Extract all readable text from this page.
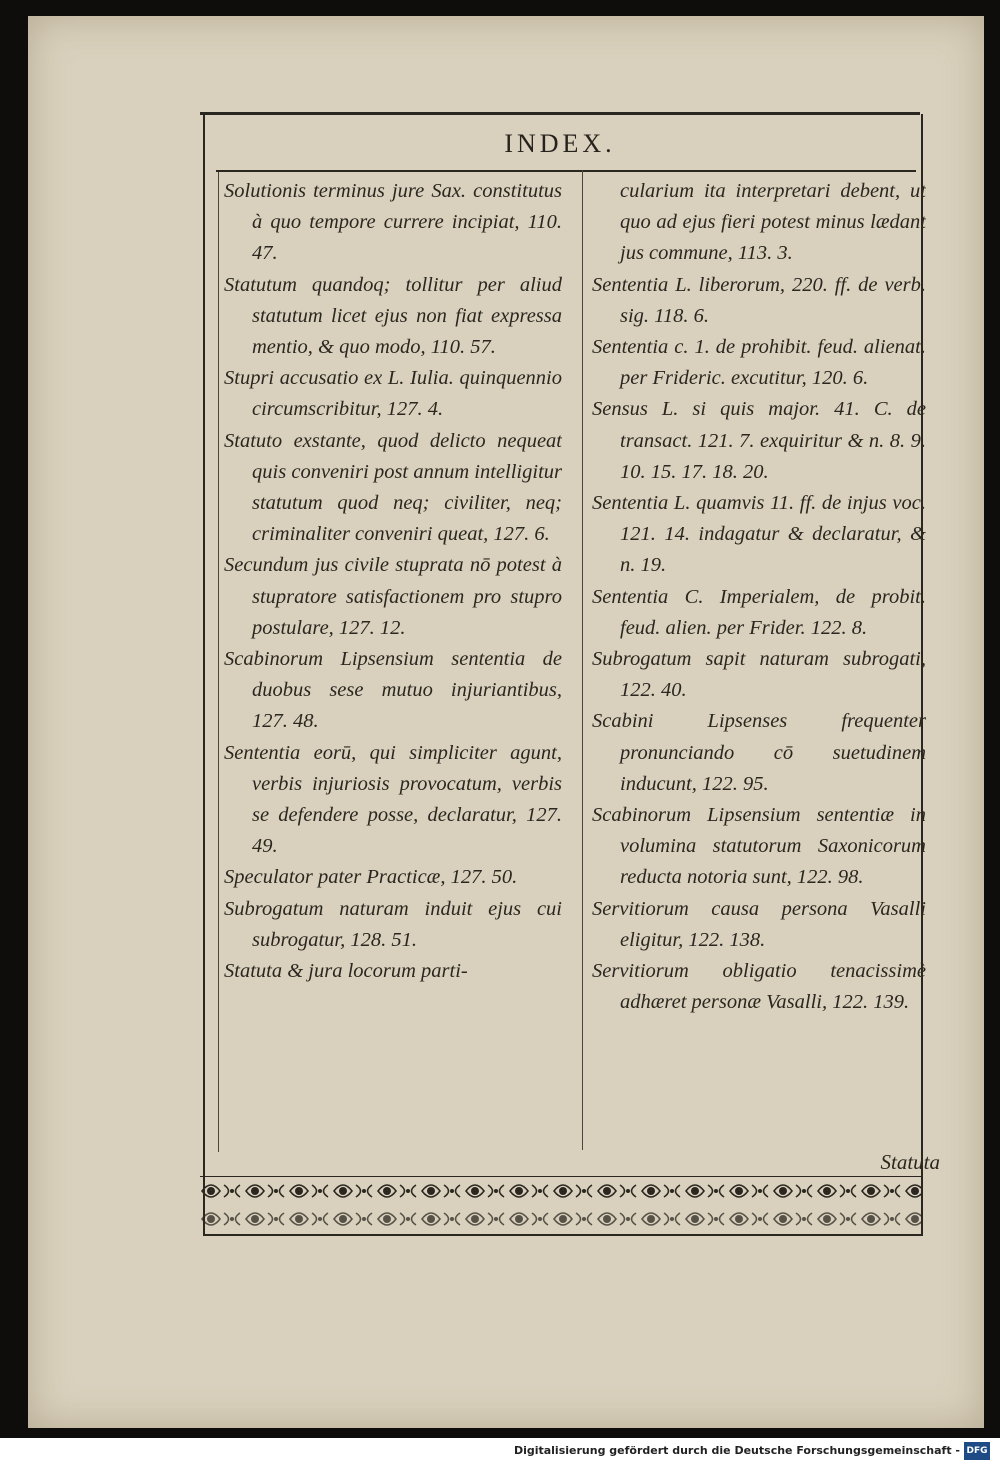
INDEX.

Solutionis terminus jure Sax. constitutus à quo tempore currere incipiat, 110. 47.

Statutum quandoq; tollitur per aliud statutum licet ejus non fiat expressa mentio, & quo modo, 110. 57.

Stupri accusatio ex L. Iulia. quinquennio circumscribitur, 127. 4.

Statuto exstante, quod delicto nequeat quis conveniri post annum intelligitur statutum quod neq; civiliter, neq; criminaliter conveniri queat, 127. 6.

Secundum jus civile stuprata nō potest à stupratore satisfactionem pro stupro postulare, 127. 12.

Scabinorum Lipsensium sententia de duobus sese mutuo injuriantibus, 127. 48.

Sententia eorū, qui simpliciter agunt, verbis injuriosis provocatum, verbis se defendere posse, declaratur, 127. 49.

Speculator pater Practicæ, 127. 50.

Subrogatum naturam induit ejus cui subrogatur, 128. 51.

Statuta & jura locorum parti-

cularium ita interpretari debent, ut quo ad ejus fieri potest minus lædant jus commune, 113. 3.

Sententia L. liberorum, 220. ff. de verb. sig. 118. 6.

Sententia c. 1. de prohibit. feud. alienat. per Frideric. excutitur, 120. 6.

Sensus L. si quis major. 41. C. de transact. 121. 7. exquiritur & n. 8. 9. 10. 15. 17. 18. 20.

Sententia L. quamvis 11. ff. de injus voc. 121. 14. indagatur & declaratur, & n. 19.

Sententia C. Imperialem, de probit. feud. alien. per Frider. 122. 8.

Subrogatum sapit naturam subrogati, 122. 40.

Scabini Lipsenses frequenter pronunciando cō suetudinem inducunt, 122. 95.

Scabinorum Lipsensium sententiæ in volumina statutorum Saxonicorum reducta notoria sunt, 122. 98.

Servitiorum causa persona Vasalli eligitur, 122. 138.

Servitiorum obligatio tenacissimè adhæret personæ Vasalli, 122. 139.

Statuta
Digitalisierung gefördert durch die Deutsche Forschungsgemeinschaft - DFG
